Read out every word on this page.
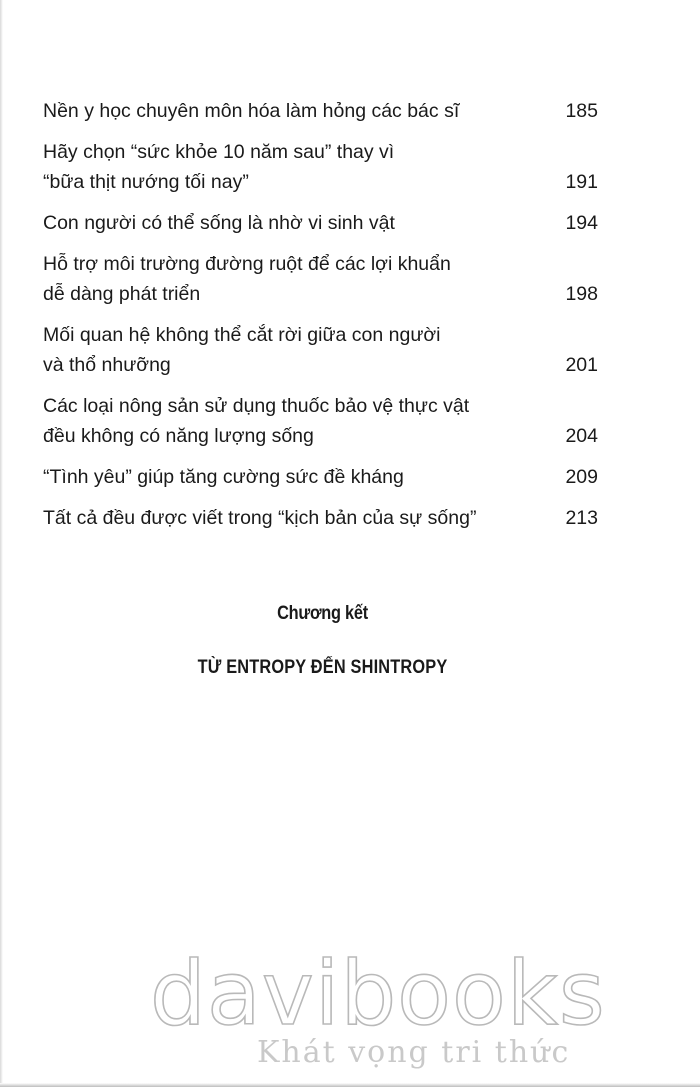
Nền y học chuyên môn hóa làm hỏng các bác sĩ	185
Hãy chọn “sức khỏe 10 năm sau” thay vì
“bữa thịt nướng tối nay”	191
Con người có thể sống là nhờ vi sinh vật	194
Hỗ trợ môi trường đường ruột để các lợi khuẩn
dễ dàng phát triển	198
Mối quan hệ không thể cắt rời giữa con người
và thổ nhưỡng	201
Các loại nông sản sử dụng thuốc bảo vệ thực vật
đều không có năng lượng sống	204
“Tình yêu” giúp tăng cường sức đề kháng	209
Tất cả đều được viết trong “kịch bản của sự sống”	213
Chương kết
TỪ ENTROPY ĐẾN SHINTROPY
davibooks
Khát vọng tri thức
